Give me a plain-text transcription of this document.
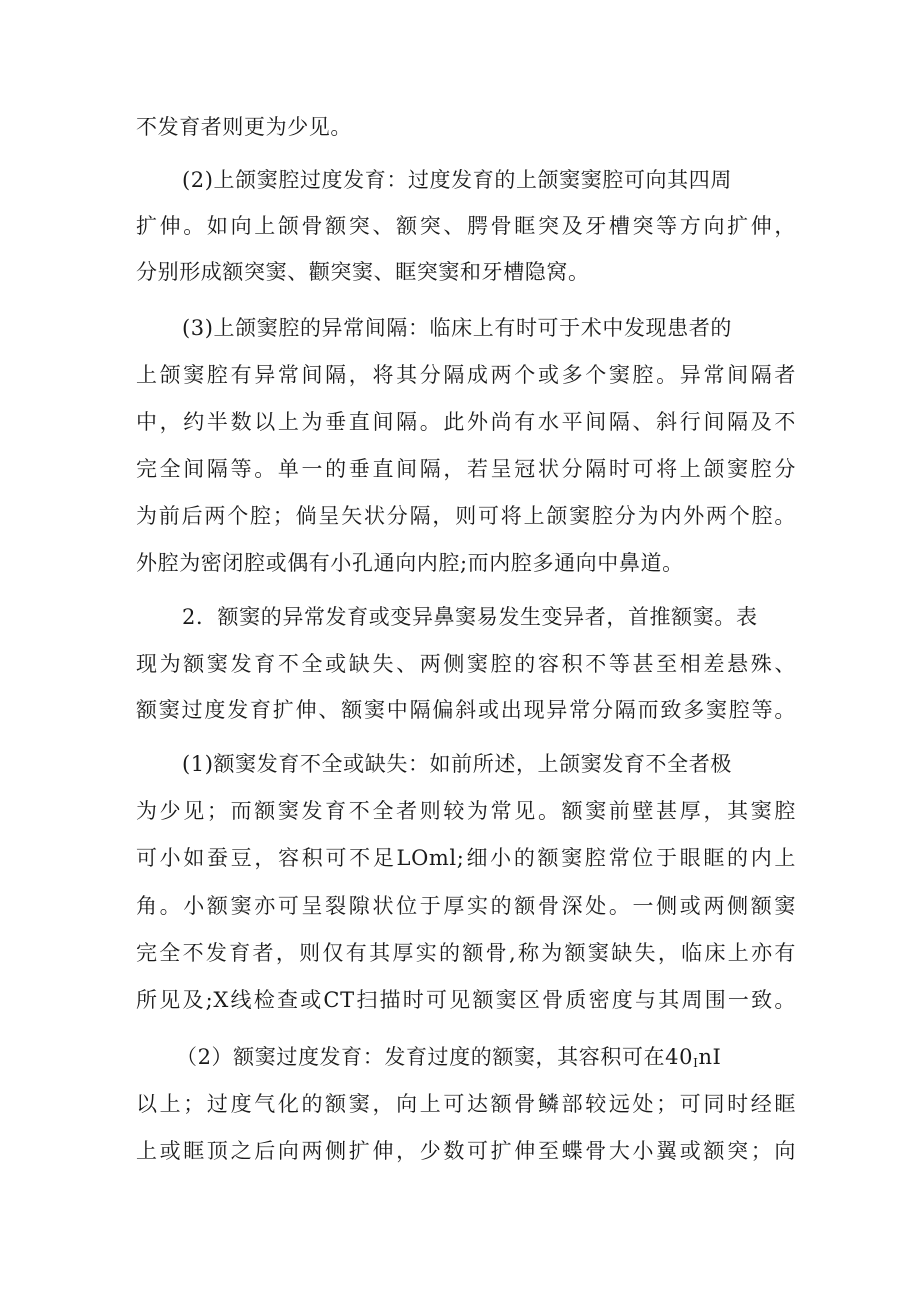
不发育者则更为少见。
(2)上颌窦腔过度发育：过度发育的上颌窦窦腔可向其四周
扩伸。如向上颌骨额突、额突、腭骨眶突及牙槽突等方向扩伸，
分别形成额突窦、颧突窦、眶突窦和牙槽隐窝。
(3)上颌窦腔的异常间隔：临床上有时可于术中发现患者的
上颌窦腔有异常间隔，将其分隔成两个或多个窦腔。异常间隔者
中，约半数以上为垂直间隔。此外尚有水平间隔、斜行间隔及不
完全间隔等。单一的垂直间隔，若呈冠状分隔时可将上颌窦腔分
为前后两个腔；倘呈矢状分隔，则可将上颌窦腔分为内外两个腔。
外腔为密闭腔或偶有小孔通向内腔;而内腔多通向中鼻道。
2．额窦的异常发育或变异鼻窦易发生变异者，首推额窦。表
现为额窦发育不全或缺失、两侧窦腔的容积不等甚至相差悬殊、
额窦过度发育扩伸、额窦中隔偏斜或出现异常分隔而致多窦腔等。
(1)额窦发育不全或缺失：如前所述，上颌窦发育不全者极
为少见；而额窦发育不全者则较为常见。额窦前壁甚厚，其窦腔
可小如蚕豆，容积可不足LOml;细小的额窦腔常位于眼眶的内上
角。小额窦亦可呈裂隙状位于厚实的额骨深处。一侧或两侧额窦
完全不发育者，则仅有其厚实的额骨,称为额窦缺失，临床上亦有
所见及;X线检查或CT扫描时可见额窦区骨质密度与其周围一致。
（2）额窦过度发育：发育过度的额窦，其容积可在$40_InI$
以上；过度气化的额窦，向上可达额骨鳞部较远处；可同时经眶
上或眶顶之后向两侧扩伸，少数可扩伸至蝶骨大小翼或额突；向
